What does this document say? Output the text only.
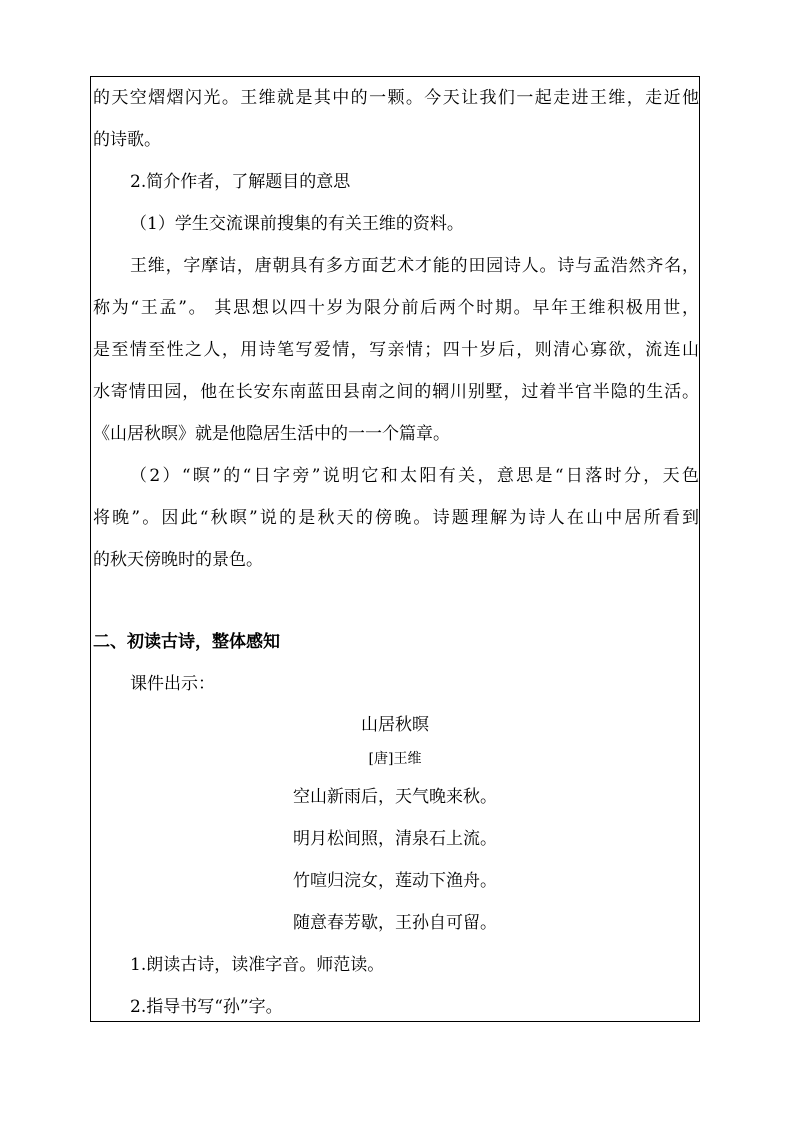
的天空熠熠闪光。王维就是其中的一颗。今天让我们一起走进王维，走近他
的诗歌。
2.简介作者，了解题目的意思
（1）学生交流课前搜集的有关王维的资料。
王维，字摩诘，唐朝具有多方面艺术才能的田园诗人。诗与孟浩然齐名，
称为“王孟”。 其思想以四十岁为限分前后两个时期。早年王维积极用世，
是至情至性之人，用诗笔写爱情，写亲情；四十岁后，则清心寡欲，流连山
水寄情田园，他在长安东南蓝田县南之间的辋川别墅，过着半官半隐的生活。
《山居秋暝》就是他隐居生活中的一一个篇章。
（2）“暝”的“日字旁”说明它和太阳有关，意思是“日落时分，天色
将晚”。因此“秋暝”说的是秋天的傍晚。诗题理解为诗人在山中居所看到
的秋天傍晚时的景色。
二、初读古诗，整体感知
课件出示：
山居秋暝
[唐]王维
空山新雨后，天气晚来秋。
明月松间照，清泉石上流。
竹喧归浣女，莲动下渔舟。
随意春芳歇，王孙自可留。
1.朗读古诗，读准字音。师范读。
2.指导书写“孙”字。
